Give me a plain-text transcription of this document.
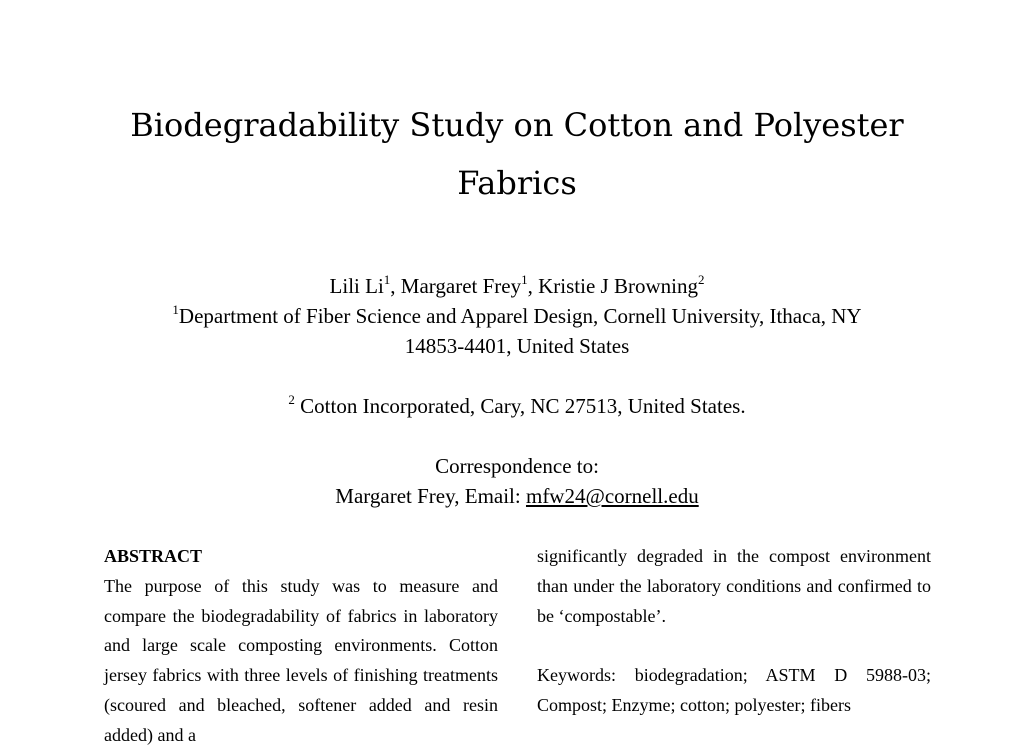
Biodegradability Study on Cotton and Polyester
Fabrics
Lili Li$^1$, Margaret Frey$^1$, Kristie J Browning$^2$
$^1$Department of Fiber Science and Apparel Design, Cornell University, Ithaca, NY
14853-4401, United States
$^2$ Cotton Incorporated, Cary, NC 27513, United States.
Correspondence to:
Margaret Frey, Email: mfw24@cornell.edu
ABSTRACT

The purpose of this study was to measure and compare the biodegradability of fabrics in laboratory and large scale composting environments. Cotton jersey fabrics with three levels of finishing treatments (scoured and bleached, softener added and resin added) and a

significantly degraded in the compost environment than under the laboratory conditions and confirmed to be ‘compostable’.

Keywords: biodegradation; ASTM D 5988-03; Compost; Enzyme; cotton; polyester; fibers
